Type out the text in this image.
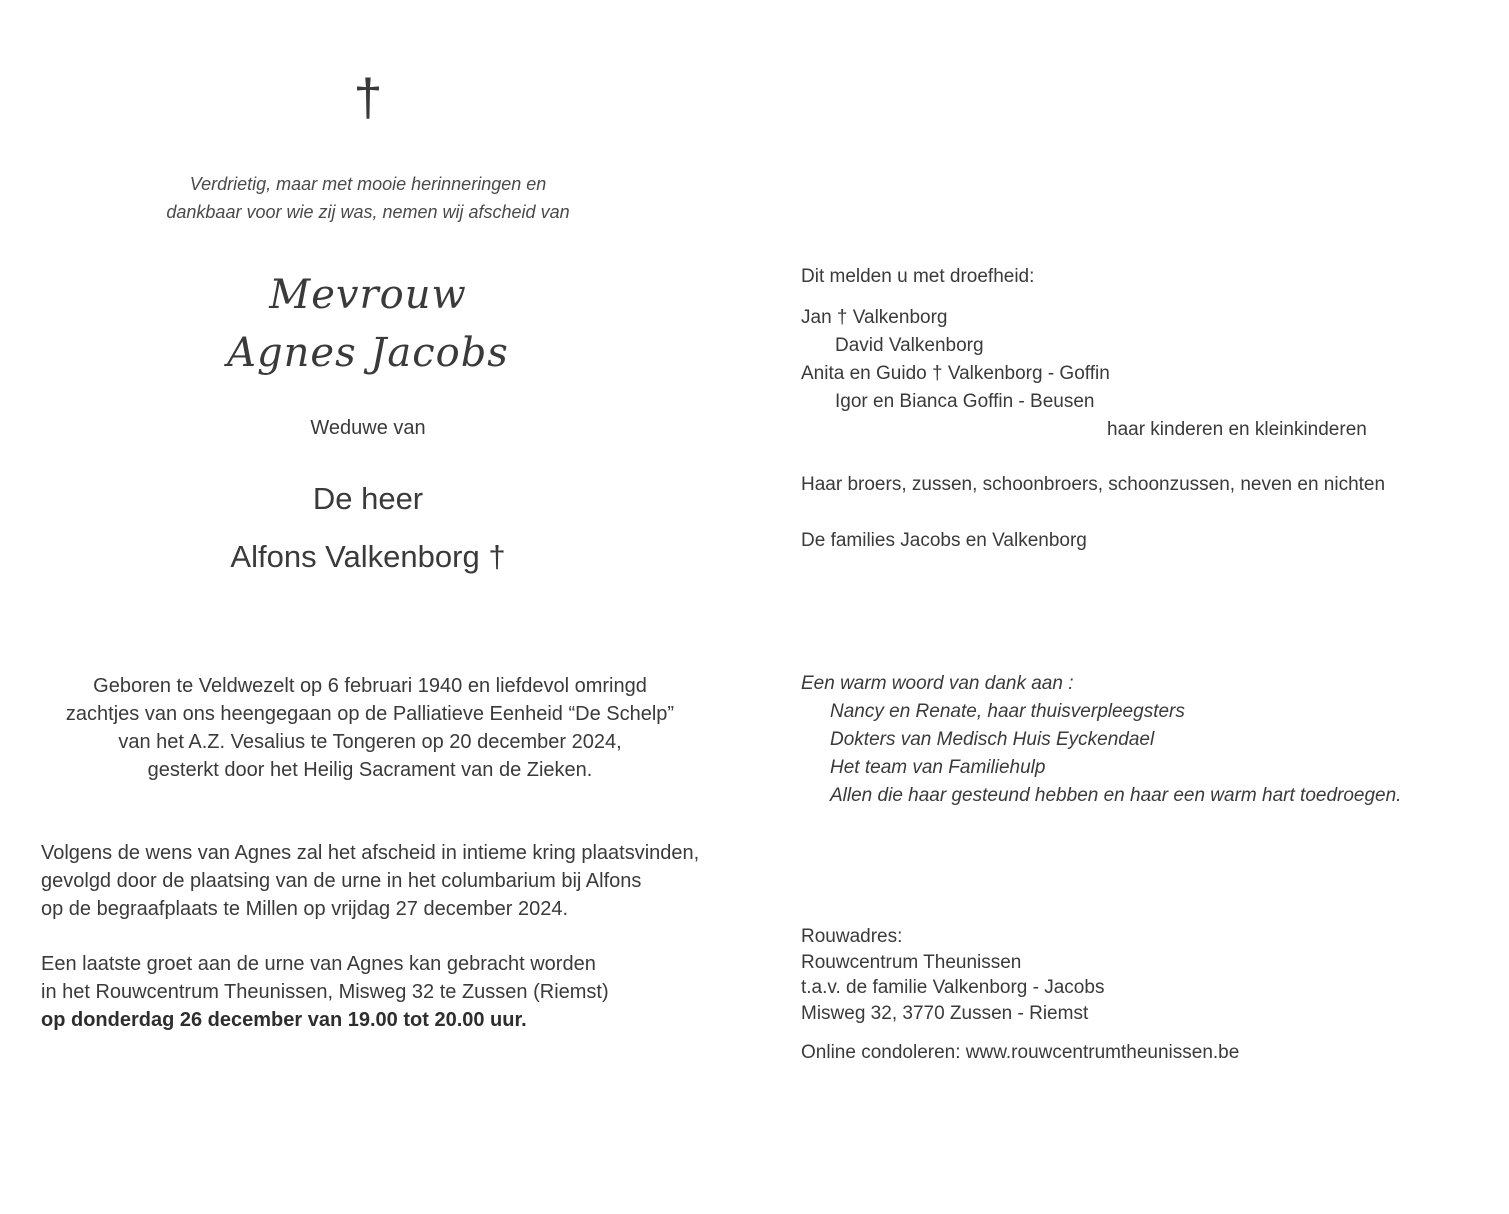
†
Verdrietig, maar met mooie herinneringen en
dankbaar voor wie zij was, nemen wij afscheid van
Mevrouw
Agnes Jacobs
Weduwe van
De heer
Alfons Valkenborg †
Geboren te Veldwezelt op 6 februari 1940 en liefdevol omringd
zachtjes van ons heengegaan op de Palliatieve Eenheid “De Schelp”
van het A.Z. Vesalius te Tongeren op 20 december 2024,
gesterkt door het Heilig Sacrament van de Zieken.
Volgens de wens van Agnes zal het afscheid in intieme kring plaatsvinden,
gevolgd door de plaatsing van de urne in het columbarium bij Alfons
op de begraafplaats te Millen op vrijdag 27 december 2024.
Een laatste groet aan de urne van Agnes kan gebracht worden
in het Rouwcentrum Theunissen, Misweg 32 te Zussen (Riemst)
op donderdag 26 december van 19.00 tot 20.00 uur.
Dit melden u met droefheid:
Jan † Valkenborg
David Valkenborg
Anita en Guido † Valkenborg - Goffin
Igor en Bianca Goffin - Beusen
haar kinderen en kleinkinderen
Haar broers, zussen, schoonbroers, schoonzussen, neven en nichten
De families Jacobs en Valkenborg
Een warm woord van dank aan :
Nancy en Renate, haar thuisverpleegsters
Dokters van Medisch Huis Eyckendael
Het team van Familiehulp
Allen die haar gesteund hebben en haar een warm hart toedroegen.
Rouwadres:
Rouwcentrum Theunissen
t.a.v. de familie Valkenborg - Jacobs
Misweg 32, 3770 Zussen - Riemst
Online condoleren: www.rouwcentrumtheunissen.be
